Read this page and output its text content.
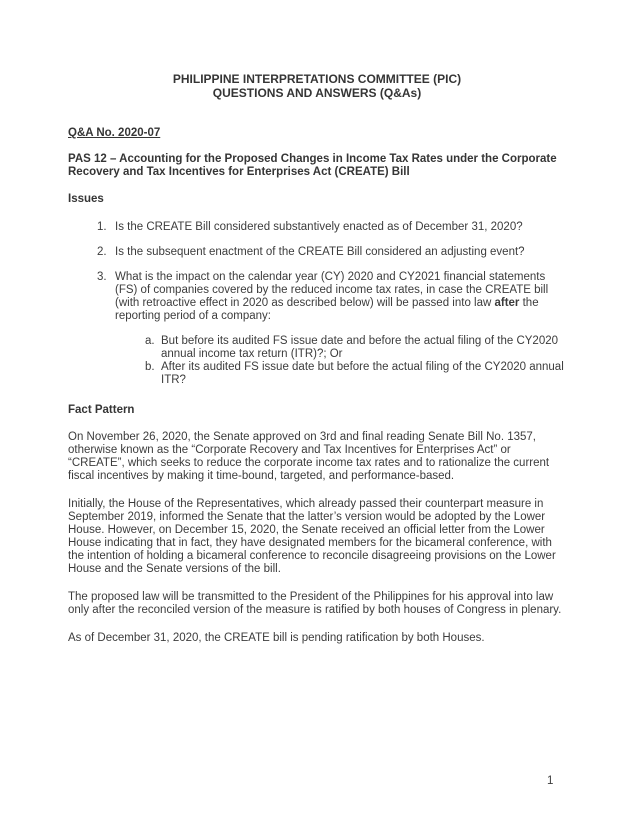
PHILIPPINE INTERPRETATIONS COMMITTEE (PIC)
QUESTIONS AND ANSWERS (Q&As)
Q&A No. 2020-07
PAS 12 – Accounting for the Proposed Changes in Income Tax Rates under the Corporate Recovery and Tax Incentives for Enterprises Act (CREATE) Bill
Issues
1. Is the CREATE Bill considered substantively enacted as of December 31, 2020?
2. Is the subsequent enactment of the CREATE Bill considered an adjusting event?
3. What is the impact on the calendar year (CY) 2020 and CY2021 financial statements (FS) of companies covered by the reduced income tax rates, in case the CREATE bill (with retroactive effect in 2020 as described below) will be passed into law after the reporting period of a company:
a. But before its audited FS issue date and before the actual filing of the CY2020 annual income tax return (ITR)?; Or
b. After its audited FS issue date but before the actual filing of the CY2020 annual ITR?
Fact Pattern

On November 26, 2020, the Senate approved on 3rd and final reading Senate Bill No. 1357, otherwise known as the “Corporate Recovery and Tax Incentives for Enterprises Act” or “CREATE”, which seeks to reduce the corporate income tax rates and to rationalize the current fiscal incentives by making it time-bound, targeted, and performance-based.

Initially, the House of the Representatives, which already passed their counterpart measure in September 2019, informed the Senate that the latter’s version would be adopted by the Lower House. However, on December 15, 2020, the Senate received an official letter from the Lower House indicating that in fact, they have designated members for the bicameral conference, with the intention of holding a bicameral conference to reconcile disagreeing provisions on the Lower House and the Senate versions of the bill.

The proposed law will be transmitted to the President of the Philippines for his approval into law only after the reconciled version of the measure is ratified by both houses of Congress in plenary.

As of December 31, 2020, the CREATE bill is pending ratification by both Houses.

1
